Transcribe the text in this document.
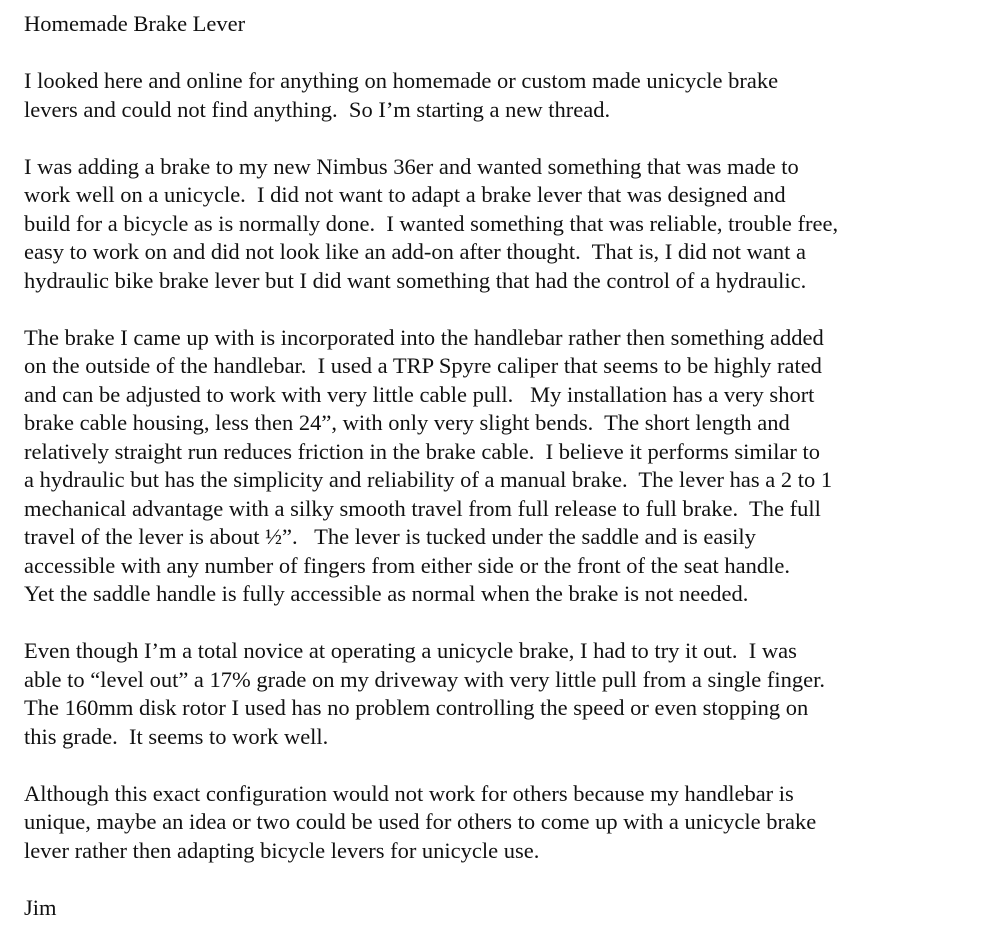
Homemade Brake Lever
I looked here and online for anything on homemade or custom made unicycle brake
levers and could not find anything.  So I’m starting a new thread.
I was adding a brake to my new Nimbus 36er and wanted something that was made to
work well on a unicycle.  I did not want to adapt a brake lever that was designed and
build for a bicycle as is normally done.  I wanted something that was reliable, trouble free,
easy to work on and did not look like an add-on after thought.  That is, I did not want a
hydraulic bike brake lever but I did want something that had the control of a hydraulic.
The brake I came up with is incorporated into the handlebar rather then something added
on the outside of the handlebar.  I used a TRP Spyre caliper that seems to be highly rated
and can be adjusted to work with very little cable pull.   My installation has a very short
brake cable housing, less then 24”, with only very slight bends.  The short length and
relatively straight run reduces friction in the brake cable.  I believe it performs similar to
a hydraulic but has the simplicity and reliability of a manual brake.  The lever has a 2 to 1
mechanical advantage with a silky smooth travel from full release to full brake.  The full
travel of the lever is about ½”.   The lever is tucked under the saddle and is easily
accessible with any number of fingers from either side or the front of the seat handle.
Yet the saddle handle is fully accessible as normal when the brake is not needed.
Even though I’m a total novice at operating a unicycle brake, I had to try it out.  I was
able to “level out” a 17% grade on my driveway with very little pull from a single finger.
The 160mm disk rotor I used has no problem controlling the speed or even stopping on
this grade.  It seems to work well.
Although this exact configuration would not work for others because my handlebar is
unique, maybe an idea or two could be used for others to come up with a unicycle brake
lever rather then adapting bicycle levers for unicycle use.
Jim
